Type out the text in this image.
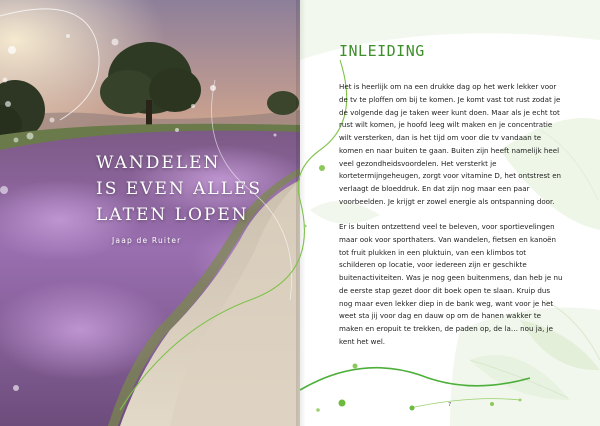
WANDELEN
IS EVEN ALLES
LATEN LOPEN
Jaap de Ruiter
INLEIDING

Het is heerlijk om na een drukke dag op het werk lekker voor de tv te ploffen om bij te komen. Je komt vast tot rust zodat je de volgende dag je taken weer kunt doen. Maar als je echt tot rust wilt komen, je hoofd leeg wilt maken en je concentratie wilt versterken, dan is het tijd om voor die tv vandaan te komen en naar buiten te gaan. Buiten zijn heeft namelijk heel veel gezondheidsvoordelen. Het versterkt je kortetermijngeheugen, zorgt voor vitamine D, het ontstrest en verlaagt de bloeddruk. En dat zijn nog maar een paar voorbeelden. Je krijgt er zowel energie als ontspanning door.

Er is buiten ontzettend veel te beleven, voor sportievelingen maar ook voor sporthaters. Van wandelen, fietsen en kanoën tot fruit plukken in een pluktuin, van een klimbos tot schilderen op locatie, voor iedereen zijn er geschikte buitenactiviteiten. Was je nog geen buitenmens, dan heb je nu de eerste stap gezet door dit boek open te slaan. Kruip dus nog maar even lekker diep in de bank weg, want voor je het weet sta jij voor dag en dauw op om de hanen wakker te maken en eropuit te trekken, de paden op, de la… nou ja, je kent het wel.

7
